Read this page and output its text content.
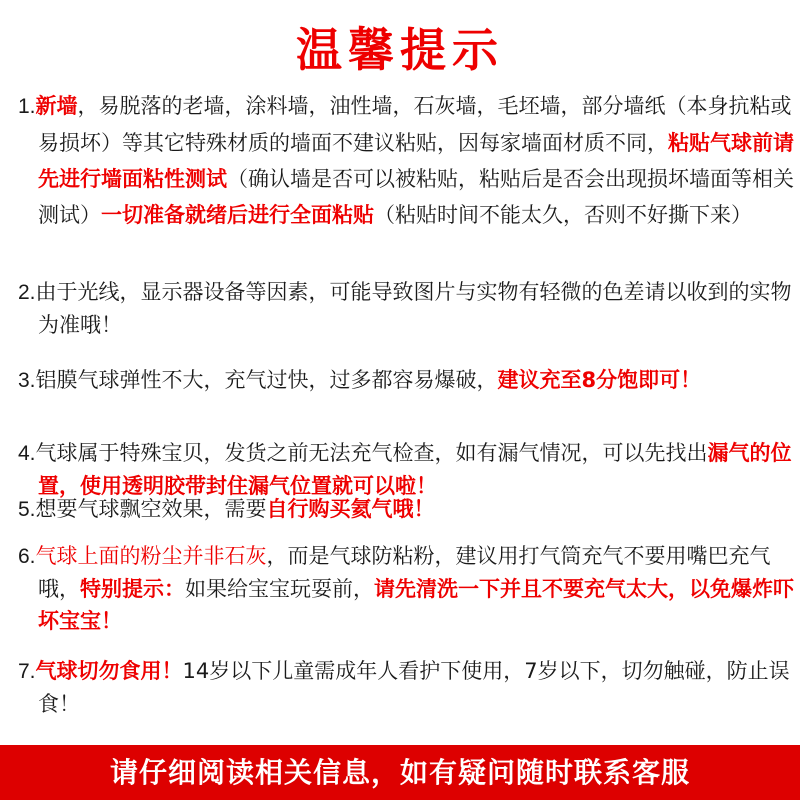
温馨提示
1.新墙，易脱落的老墙，涂料墙，油性墙，石灰墙，毛坯墙，部分墙纸（本身抗粘或易损坏）等其它特殊材质的墙面不建议粘贴，因每家墙面材质不同，粘贴气球前请先进行墙面粘性测试（确认墙是否可以被粘贴，粘贴后是否会出现损坏墙面等相关测试）一切准备就绪后进行全面粘贴（粘贴时间不能太久，否则不好撕下来）
2.由于光线，显示器设备等因素，可能导致图片与实物有轻微的色差请以收到的实物为准哦！
3.铝膜气球弹性不大，充气过快，过多都容易爆破，建议充至8分饱即可！
4.气球属于特殊宝贝，发货之前无法充气检查，如有漏气情况，可以先找出漏气的位置，使用透明胶带封住漏气位置就可以啦！
5.想要气球飘空效果，需要自行购买氦气哦！
6.气球上面的粉尘并非石灰，而是气球防粘粉，建议用打气筒充气不要用嘴巴充气哦，特别提示：如果给宝宝玩耍前，请先清洗一下并且不要充气太大，以免爆炸吓坏宝宝！
7.气球切勿食用！14岁以下儿童需成年人看护下使用，7岁以下，切勿触碰，防止误食！
请仔细阅读相关信息，如有疑问随时联系客服
